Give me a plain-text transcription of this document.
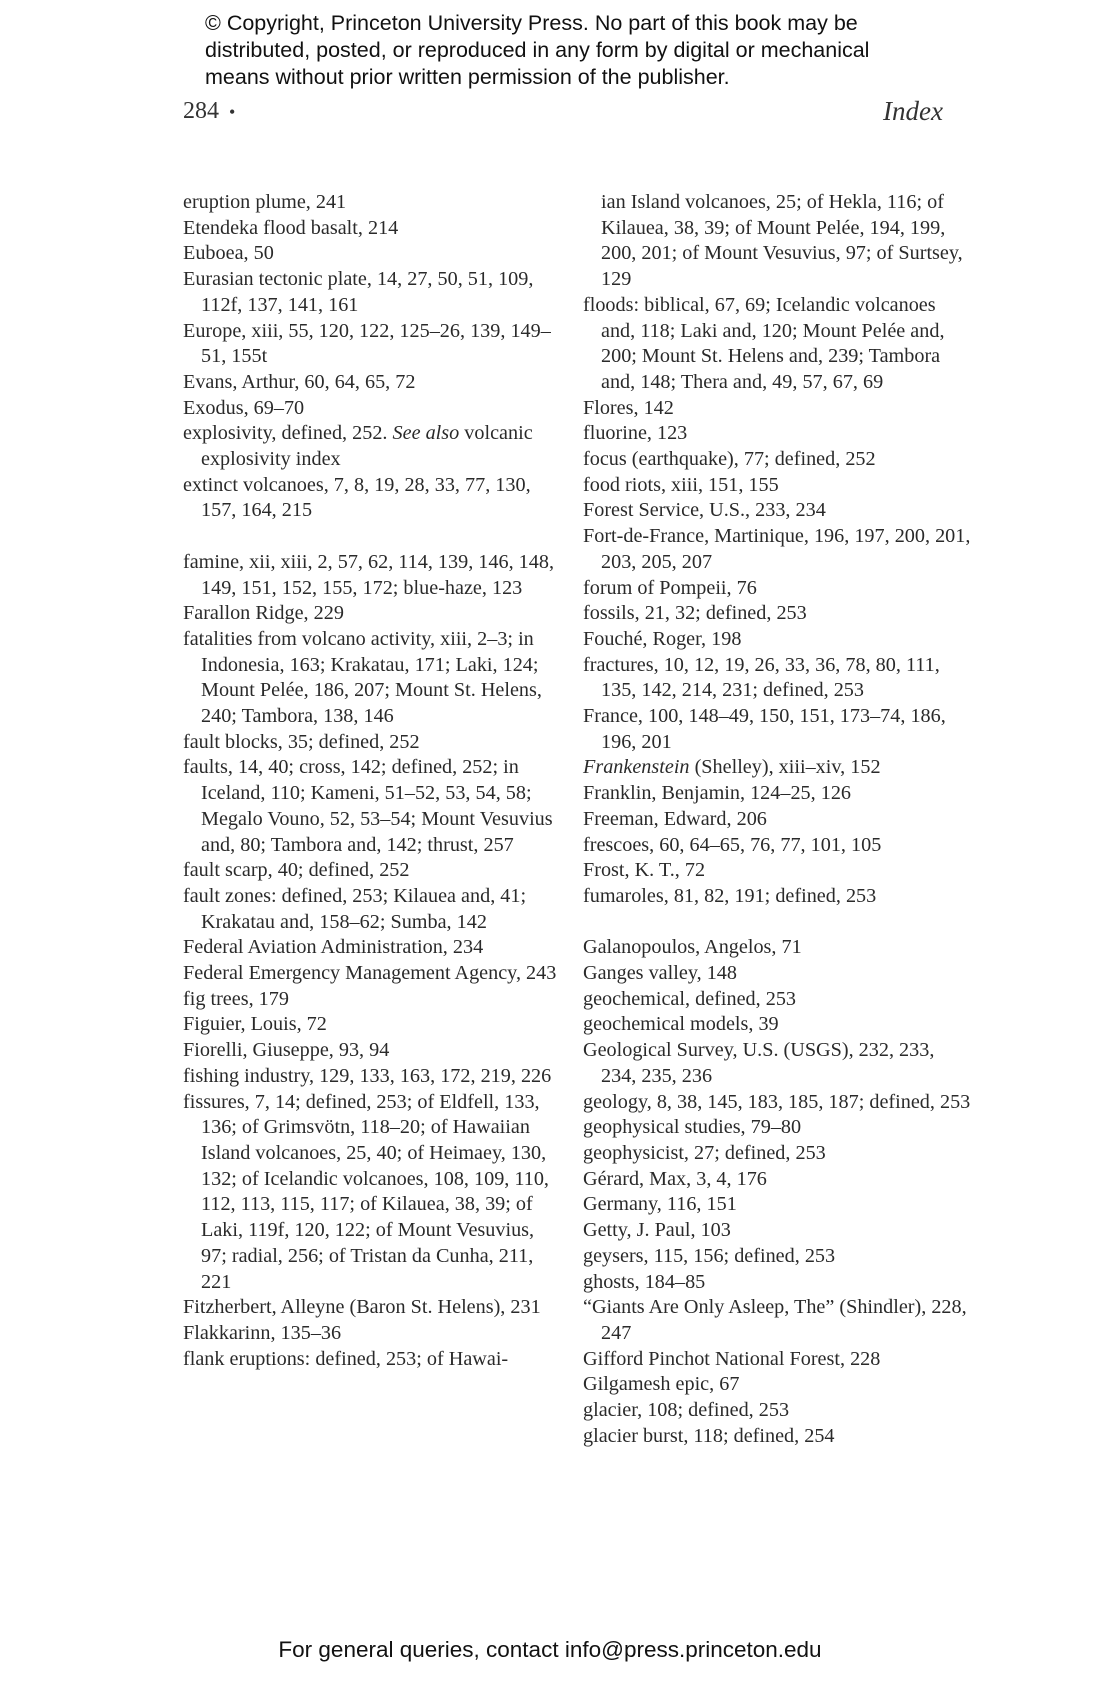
© Copyright, Princeton University Press. No part of this book may be
distributed, posted, or reproduced in any form by digital or mechanical
means without prior written permission of the publisher.
284 •	Index
eruption plume, 241
Etendeka flood basalt, 214
Euboea, 50
Eurasian tectonic plate, 14, 27, 50, 51, 109, 112f, 137, 141, 161
Europe, xiii, 55, 120, 122, 125–26, 139, 149–51, 155t
Evans, Arthur, 60, 64, 65, 72
Exodus, 69–70
explosivity, defined, 252. See also volcanic explosivity index
extinct volcanoes, 7, 8, 19, 28, 33, 77, 130, 157, 164, 215
famine, xii, xiii, 2, 57, 62, 114, 139, 146, 148, 149, 151, 152, 155, 172; blue-haze, 123
Farallon Ridge, 229
fatalities from volcano activity, xiii, 2–3; in Indonesia, 163; Krakatau, 171; Laki, 124; Mount Pelée, 186, 207; Mount St. Helens, 240; Tambora, 138, 146
fault blocks, 35; defined, 252
faults, 14, 40; cross, 142; defined, 252; in Iceland, 110; Kameni, 51–52, 53, 54, 58; Megalo Vouno, 52, 53–54; Mount Vesuvius and, 80; Tambora and, 142; thrust, 257
fault scarp, 40; defined, 252
fault zones: defined, 253; Kilauea and, 41; Krakatau and, 158–62; Sumba, 142
Federal Aviation Administration, 234
Federal Emergency Management Agency, 243
fig trees, 179
Figuier, Louis, 72
Fiorelli, Giuseppe, 93, 94
fishing industry, 129, 133, 163, 172, 219, 226
fissures, 7, 14; defined, 253; of Eldfell, 133, 136; of Grimsvötn, 118–20; of Hawaiian Island volcanoes, 25, 40; of Heimaey, 130, 132; of Icelandic volcanoes, 108, 109, 110, 112, 113, 115, 117; of Kilauea, 38, 39; of Laki, 119f, 120, 122; of Mount Vesuvius, 97; radial, 256; of Tristan da Cunha, 211, 221
Fitzherbert, Alleyne (Baron St. Helens), 231
Flakkarinn, 135–36
flank eruptions: defined, 253; of Hawai-
ian Island volcanoes, 25; of Hekla, 116; of Kilauea, 38, 39; of Mount Pelée, 194, 199, 200, 201; of Mount Vesuvius, 97; of Surtsey, 129
floods: biblical, 67, 69; Icelandic volcanoes and, 118; Laki and, 120; Mount Pelée and, 200; Mount St. Helens and, 239; Tambora and, 148; Thera and, 49, 57, 67, 69
Flores, 142
fluorine, 123
focus (earthquake), 77; defined, 252
food riots, xiii, 151, 155
Forest Service, U.S., 233, 234
Fort-de-France, Martinique, 196, 197, 200, 201, 203, 205, 207
forum of Pompeii, 76
fossils, 21, 32; defined, 253
Fouché, Roger, 198
fractures, 10, 12, 19, 26, 33, 36, 78, 80, 111, 135, 142, 214, 231; defined, 253
France, 100, 148–49, 150, 151, 173–74, 186, 196, 201
Frankenstein (Shelley), xiii–xiv, 152
Franklin, Benjamin, 124–25, 126
Freeman, Edward, 206
frescoes, 60, 64–65, 76, 77, 101, 105
Frost, K. T., 72
fumaroles, 81, 82, 191; defined, 253
Galanopoulos, Angelos, 71
Ganges valley, 148
geochemical, defined, 253
geochemical models, 39
Geological Survey, U.S. (USGS), 232, 233, 234, 235, 236
geology, 8, 38, 145, 183, 185, 187; defined, 253
geophysical studies, 79–80
geophysicist, 27; defined, 253
Gérard, Max, 3, 4, 176
Germany, 116, 151
Getty, J. Paul, 103
geysers, 115, 156; defined, 253
ghosts, 184–85
“Giants Are Only Asleep, The” (Shindler), 228, 247
Gifford Pinchot National Forest, 228
Gilgamesh epic, 67
glacier, 108; defined, 253
glacier burst, 118; defined, 254
For general queries, contact info@press.princeton.edu
